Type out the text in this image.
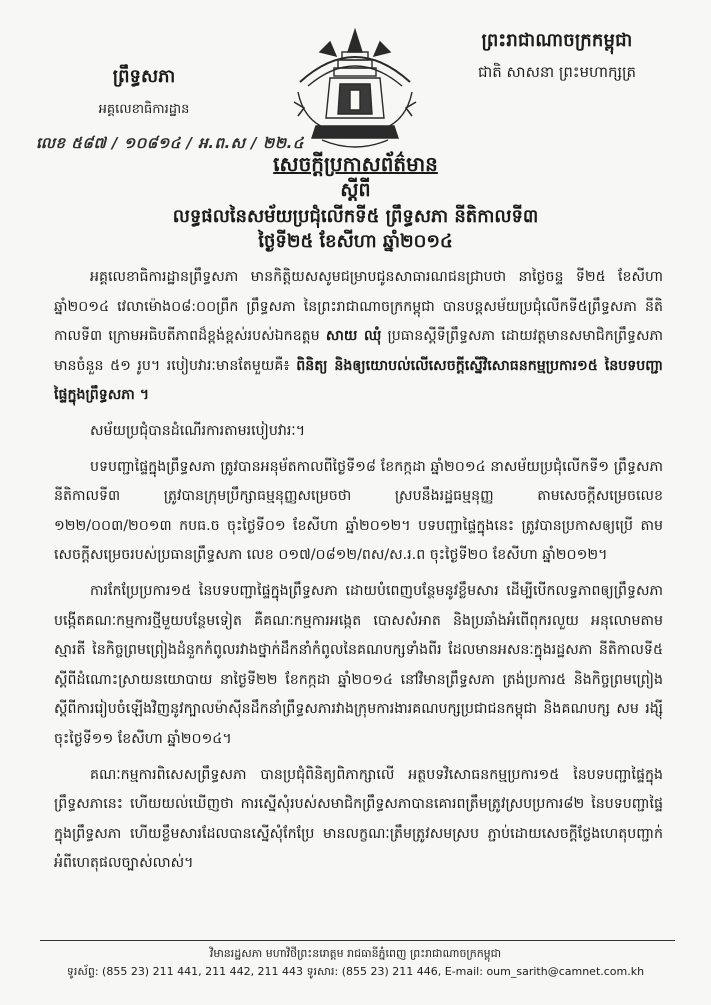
ព្រះរាជាណាចក្រកម្ពុជា
ជាតិ សាសនា ព្រះមហាក្សត្រ
ព្រឹទ្ធសភា
អគ្គលេខាធិការដ្ឋាន
លេខ ៥៨៧ / ១០៨១៤ / អ.ព.ស / ២២.៤
សេចក្តីប្រកាសព័ត៌មាន
ស្តីពី
លទ្ធផលនៃសម័យប្រជុំលើកទី៥ ព្រឹទ្ធសភា នីតិកាលទី៣
ថ្ងៃទី២៥ ខែសីហា ឆ្នាំ២០១៤

អគ្គលេខាធិការដ្ឋានព្រឹទ្ធសភា មានកិត្តិយសសូមជម្រាបជូនសាធារណជនជ្រាបថា នាថ្ងៃចន្ទ ទី២៥ ខែសីហា ឆ្នាំ២០១៤ វេលាម៉ោង០៨:០០ព្រឹក ព្រឹទ្ធសភា នៃព្រះរាជាណាចក្រកម្ពុជា បានបន្តសម័យប្រជុំលើកទី៥ព្រឹទ្ធសភា នីតិកាលទី៣ ក្រោមអធិបតីភាពដ៏ខ្ពង់ខ្ពស់របស់ឯកឧត្តម សាយ ឈុំ ប្រធានស្តីទីព្រឹទ្ធសភា ដោយវត្តមានសមាជិកព្រឹទ្ធសភាមានចំនួន ៥១ រូប។ របៀបវារៈមានតែមួយគឺ៖ ពិនិត្យ និងឲ្យយោបល់លើសេចក្តីស្នើវិសោធនកម្មប្រការ១៥ នៃបទបញ្ជាផ្ទៃក្នុងព្រឹទ្ធសភា ។

សម័យប្រជុំបានដំណើរការតាមរបៀបវារៈ។

បទបញ្ជាផ្ទៃក្នុងព្រឹទ្ធសភា ត្រូវបានអនុម័តកាលពីថ្ងៃទី១៨ ខែកក្កដា ឆ្នាំ២០១៤ នាសម័យប្រជុំលើកទី១ ព្រឹទ្ធសភា នីតិកាលទី៣ ត្រូវបានក្រុមប្រឹក្សាធម្មនុញ្ញសម្រេចថា ស្របនឹងរដ្ឋធម្មនុញ្ញ តាមសេចក្តីសម្រេចលេខ ១២២/០០៣/២០១៣ កបធ.ច ចុះថ្ងៃទី០១ ខែសីហា ឆ្នាំ២០១២។ បទបញ្ជាផ្ទៃក្នុងនេះ ត្រូវបានប្រកាសឲ្យប្រើ តាមសេចក្តីសម្រេចរបស់ប្រធានព្រឹទ្ធសភា លេខ ០១៧/០៨១២/ពស/ស.រ.ព ចុះថ្ងៃទី២០ ខែសីហា ឆ្នាំ២០១២។

ការកែប្រែប្រការ១៥ នៃបទបញ្ជាផ្ទៃក្នុងព្រឹទ្ធសភា ដោយបំពេញបន្ថែមនូវខ្លឹមសារ ដើម្បីបើកលទ្ធភាពឲ្យព្រឹទ្ធសភា បង្កើតគណៈកម្មការថ្មីមួយបន្ថែមទៀត គឺគណៈកម្មការអង្កេត បោសសំអាត និងប្រឆាំងអំពើពុករលួយ អនុលោមតាមស្មារតី នៃកិច្ចព្រមព្រៀងដំនួកកំពូលរវាងថ្នាក់ដឹកនាំកំពូលនៃគណបក្សទាំងពីរ ដែលមានអសនៈក្នុងរដ្ឋសភា នីតិកាលទី៥ ស្តីពីដំណោះស្រាយនយោបាយ នាថ្ងៃទី២២ ខែកក្កដា ឆ្នាំ២០១៤ នៅវិមានព្រឹទ្ធសភា ត្រង់ប្រការ៥ និងកិច្ចព្រមព្រៀងស្តីពីការរៀបចំឡើងវិញនូវក្បាលម៉ាស៊ីនដឹកនាំព្រឹទ្ធសភារវាងក្រុមការងារគណបក្សប្រជាជនកម្ពុជា និងគណបក្ស សម រង្ស៊ី ចុះថ្ងៃទី១១ ខែសីហា ឆ្នាំ២០១៤។

គណៈកម្មការពិសេសព្រឹទ្ធសភា បានប្រជុំពិនិត្យពិភាក្សាលើ អត្ថបទវិសោធនកម្មប្រការ១៥ នៃបទបញ្ជាផ្ទៃក្នុងព្រឹទ្ធសភានេះ ហើយយល់ឃើញថា ការស្នើសុំរបស់សមាជិកព្រឹទ្ធសភាបានគោរពត្រឹមត្រូវស្របប្រការ៨២ នៃបទបញ្ជាផ្ទៃក្នុងព្រឹទ្ធសភា ហើយខ្លឹមសារដែលបានស្នើសុំកែប្រែ មានលក្ខណៈត្រឹមត្រូវសមស្រប ភ្ជាប់ដោយសេចក្តីថ្លែងហេតុបញ្ជាក់អំពីហេតុផលច្បាស់លាស់។

វិមានរដ្ឋសភា មហាវិថីព្រះនរោត្តម រាជធានីភ្នំពេញ ព្រះរាជាណាចក្រកម្ពុជា
ទូរស័ព្ទ: (855 23) 211 441, 211 442, 211 443 ទូរសារ: (855 23) 211 446, E-mail: oum_sarith@camnet.com.kh
